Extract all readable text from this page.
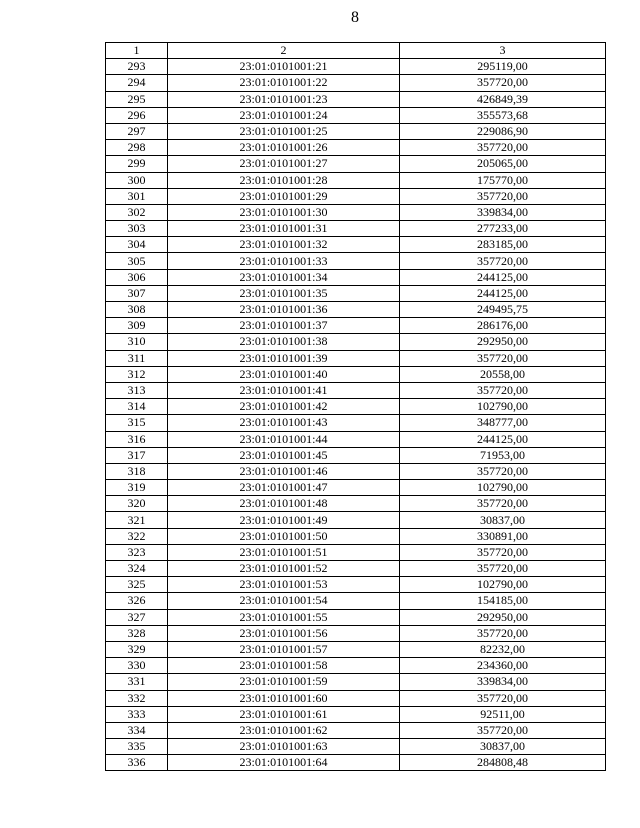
8
1	2	3
293	23:01:0101001:21	295119,00
294	23:01:0101001:22	357720,00
295	23:01:0101001:23	426849,39
296	23:01:0101001:24	355573,68
297	23:01:0101001:25	229086,90
298	23:01:0101001:26	357720,00
299	23:01:0101001:27	205065,00
300	23:01:0101001:28	175770,00
301	23:01:0101001:29	357720,00
302	23:01:0101001:30	339834,00
303	23:01:0101001:31	277233,00
304	23:01:0101001:32	283185,00
305	23:01:0101001:33	357720,00
306	23:01:0101001:34	244125,00
307	23:01:0101001:35	244125,00
308	23:01:0101001:36	249495,75
309	23:01:0101001:37	286176,00
310	23:01:0101001:38	292950,00
311	23:01:0101001:39	357720,00
312	23:01:0101001:40	20558,00
313	23:01:0101001:41	357720,00
314	23:01:0101001:42	102790,00
315	23:01:0101001:43	348777,00
316	23:01:0101001:44	244125,00
317	23:01:0101001:45	71953,00
318	23:01:0101001:46	357720,00
319	23:01:0101001:47	102790,00
320	23:01:0101001:48	357720,00
321	23:01:0101001:49	30837,00
322	23:01:0101001:50	330891,00
323	23:01:0101001:51	357720,00
324	23:01:0101001:52	357720,00
325	23:01:0101001:53	102790,00
326	23:01:0101001:54	154185,00
327	23:01:0101001:55	292950,00
328	23:01:0101001:56	357720,00
329	23:01:0101001:57	82232,00
330	23:01:0101001:58	234360,00
331	23:01:0101001:59	339834,00
332	23:01:0101001:60	357720,00
333	23:01:0101001:61	92511,00
334	23:01:0101001:62	357720,00
335	23:01:0101001:63	30837,00
336	23:01:0101001:64	284808,48
